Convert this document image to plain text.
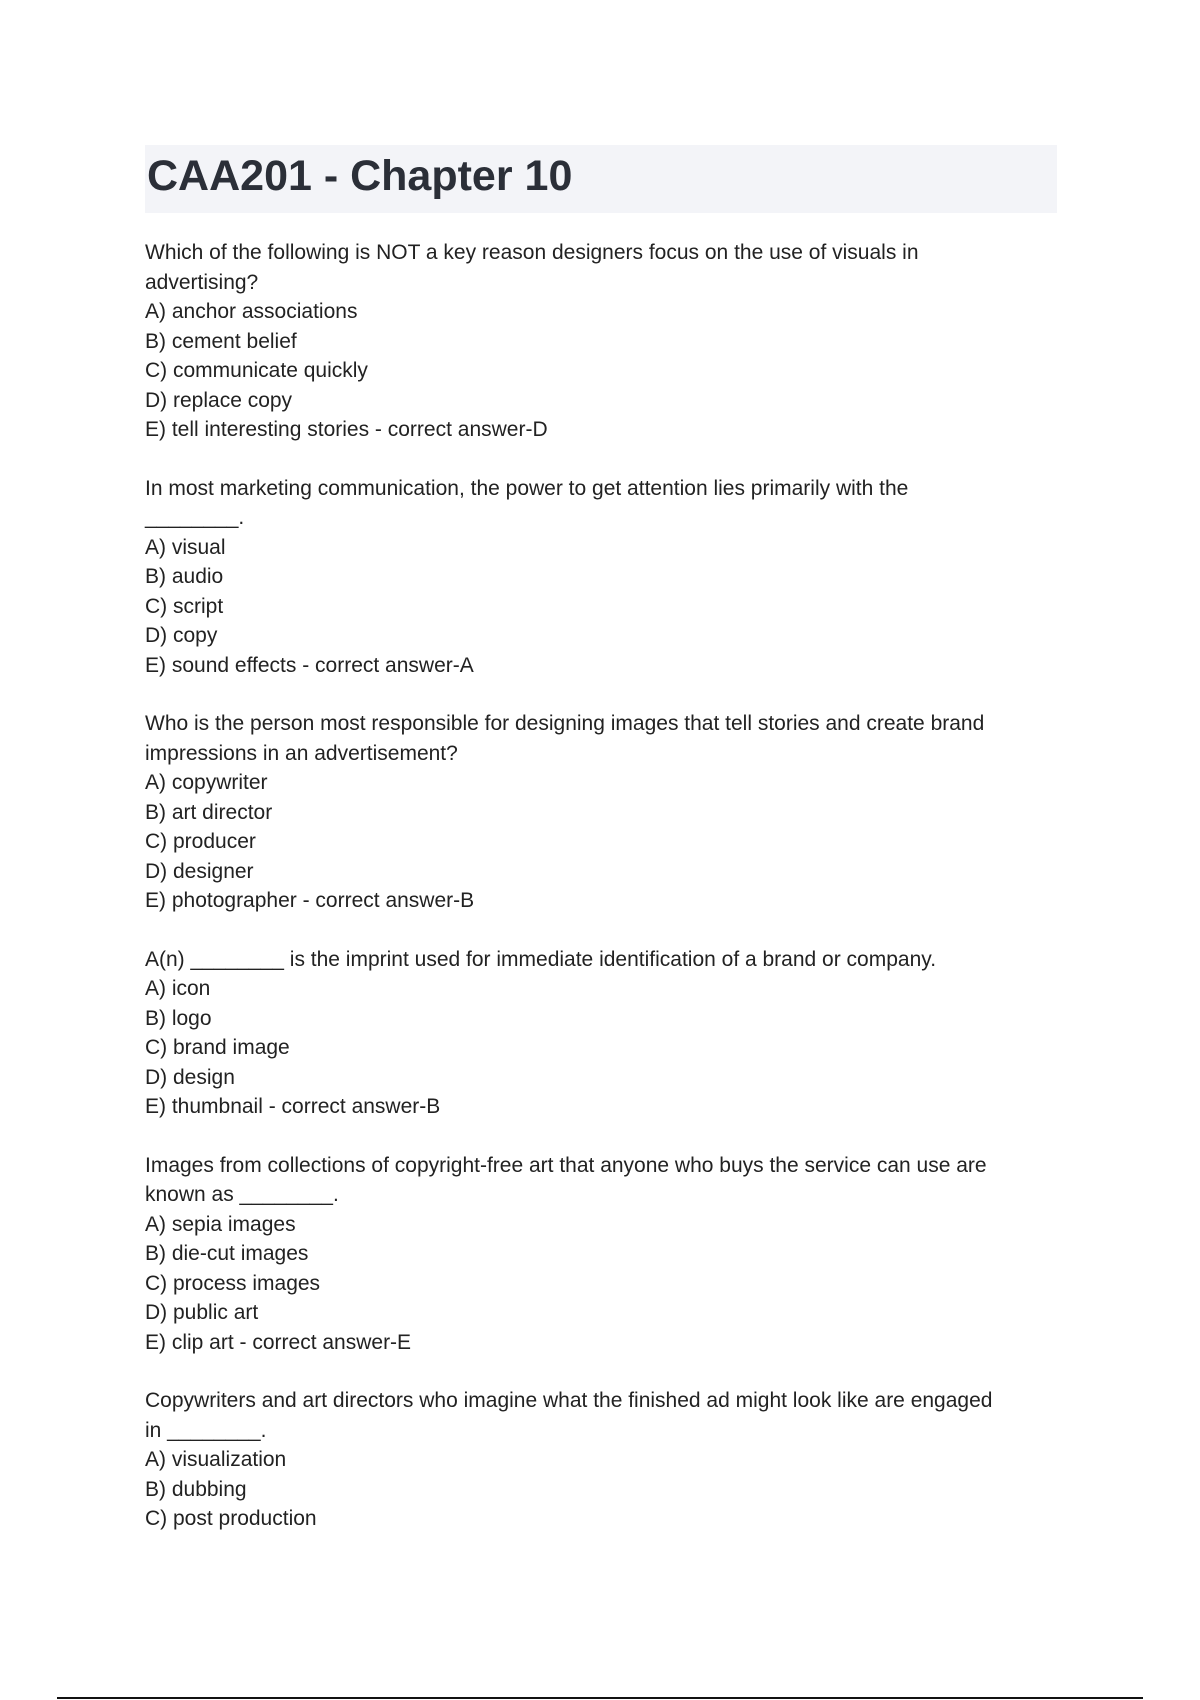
CAA201 - Chapter 10

Which of the following is NOT a key reason designers focus on the use of visuals in
advertising?

A) anchor associations

B) cement belief

C) communicate quickly

D) replace copy

E) tell interesting stories - correct answer-D

In most marketing communication, the power to get attention lies primarily with the
________.

A) visual

B) audio

C) script

D) copy

E) sound effects - correct answer-A

Who is the person most responsible for designing images that tell stories and create brand
impressions in an advertisement?

A) copywriter

B) art director

C) producer

D) designer

E) photographer - correct answer-B

A(n) ________ is the imprint used for immediate identification of a brand or company.

A) icon

B) logo

C) brand image

D) design

E) thumbnail - correct answer-B

Images from collections of copyright-free art that anyone who buys the service can use are
known as ________.

A) sepia images

B) die-cut images

C) process images

D) public art

E) clip art - correct answer-E

Copywriters and art directors who imagine what the finished ad might look like are engaged
in ________.

A) visualization

B) dubbing

C) post production
